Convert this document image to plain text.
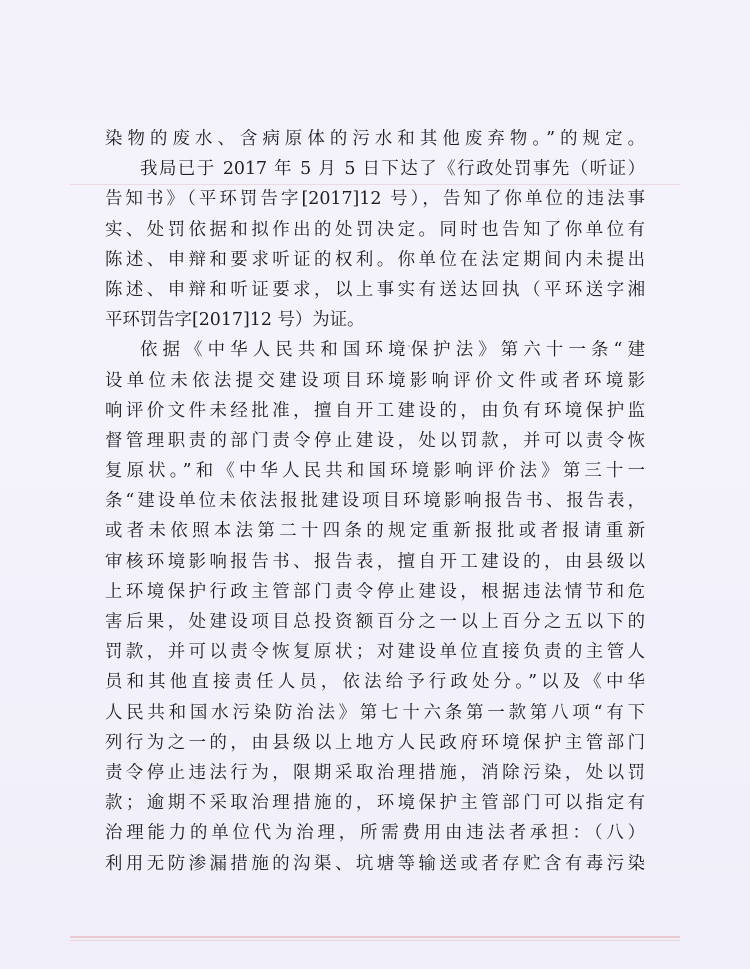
染物的废水、含病原体的污水和其他废弃物。”的规定。
我局已于 2017 年 5 月 5 日下达了《行政处罚事先（听证）
告知书》（平环罚告字[2017]12 号），告知了你单位的违法事
实、处罚依据和拟作出的处罚决定。同时也告知了你单位有
陈述、申辩和要求听证的权利。你单位在法定期间内未提出
陈述、申辩和听证要求，以上事实有送达回执（平环送字湘
平环罚告字[2017]12 号）为证。
依据《中华人民共和国环境保护法》第六十一条“建
设单位未依法提交建设项目环境影响评价文件或者环境影
响评价文件未经批准，擅自开工建设的，由负有环境保护监
督管理职责的部门责令停止建设，处以罚款，并可以责令恢
复原状。”和《中华人民共和国环境影响评价法》第三十一
条“建设单位未依法报批建设项目环境影响报告书、报告表，
或者未依照本法第二十四条的规定重新报批或者报请重新
审核环境影响报告书、报告表，擅自开工建设的，由县级以
上环境保护行政主管部门责令停止建设，根据违法情节和危
害后果，处建设项目总投资额百分之一以上百分之五以下的
罚款，并可以责令恢复原状；对建设单位直接负责的主管人
员和其他直接责任人员，依法给予行政处分。”以及《中华
人民共和国水污染防治法》第七十六条第一款第八项“有下
列行为之一的，由县级以上地方人民政府环境保护主管部门
责令停止违法行为，限期采取治理措施，消除污染，处以罚
款；逾期不采取治理措施的，环境保护主管部门可以指定有
治理能力的单位代为治理，所需费用由违法者承担：（八）
利用无防渗漏措施的沟渠、坑塘等输送或者存贮含有毒污染
